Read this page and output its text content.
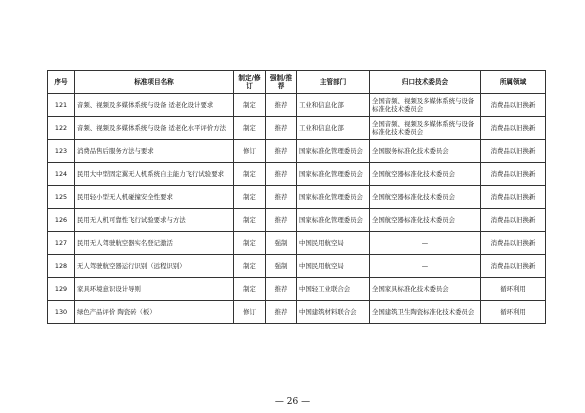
序号	标准项目名称	制定/修订	强制/推荐	主管部门	归口技术委员会	所属领域
121	音频、视频及多媒体系统与设备 适老化设计要求	制定	推荐	工业和信息化部	全国音频、视频及多媒体系统与设备标准化技术委员会	消费品以旧换新
122	音频、视频及多媒体系统与设备 适老化水平评价方法	制定	推荐	工业和信息化部	全国音频、视频及多媒体系统与设备标准化技术委员会	消费品以旧换新
123	消费品售后服务方法与要求	修订	推荐	国家标准化管理委员会	全国服务标准化技术委员会	消费品以旧换新
124	民用大中型固定翼无人机系统自主能力飞行试验要求	制定	推荐	国家标准化管理委员会	全国航空器标准化技术委员会	消费品以旧换新
125	民用轻小型无人机碰撞安全性要求	制定	推荐	国家标准化管理委员会	全国航空器标准化技术委员会	消费品以旧换新
126	民用无人机可靠性飞行试验要求与方法	制定	推荐	国家标准化管理委员会	全国航空器标准化技术委员会	消费品以旧换新
127	民用无人驾驶航空器实名登记激活	制定	强制	中国民用航空局	—	消费品以旧换新
128	无人驾驶航空器运行识别（远程识别）	制定	强制	中国民用航空局	—	消费品以旧换新
129	家具环境意识设计导则	制定	推荐	中国轻工业联合会	全国家具标准化技术委员会	循环利用
130	绿色产品评价 陶瓷砖（板）	修订	推荐	中国建筑材料联合会	全国建筑卫生陶瓷标准化技术委员会	循环利用
— 26 —
